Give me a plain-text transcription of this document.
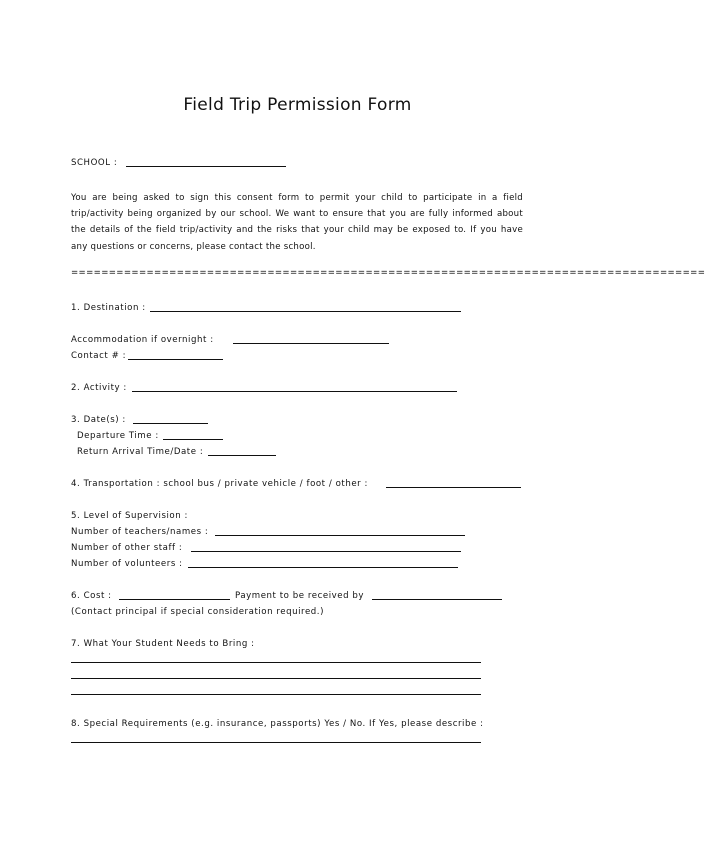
Field Trip Permission Form
SCHOOL :
You are being asked to sign this consent form to permit your child to participate in a field trip/activity being organized by our school. We want to ensure that you are fully informed about the details of the field trip/activity and the risks that your child may be exposed to. If you have any questions or concerns, please contact the school.
====================================================================================
1. Destination :
Accommodation if overnight :
Contact # :
2. Activity :
3. Date(s) :
Departure Time :
Return Arrival Time/Date :
4. Transportation : school bus / private vehicle / foot / other :
5. Level of Supervision :
Number of teachers/names :
Number of other staff :
Number of volunteers :
6. Cost :	Payment to be received by
(Contact principal if special consideration required.)
7. What Your Student Needs to Bring :
8. Special Requirements (e.g. insurance, passports) Yes / No. If Yes, please describe :
